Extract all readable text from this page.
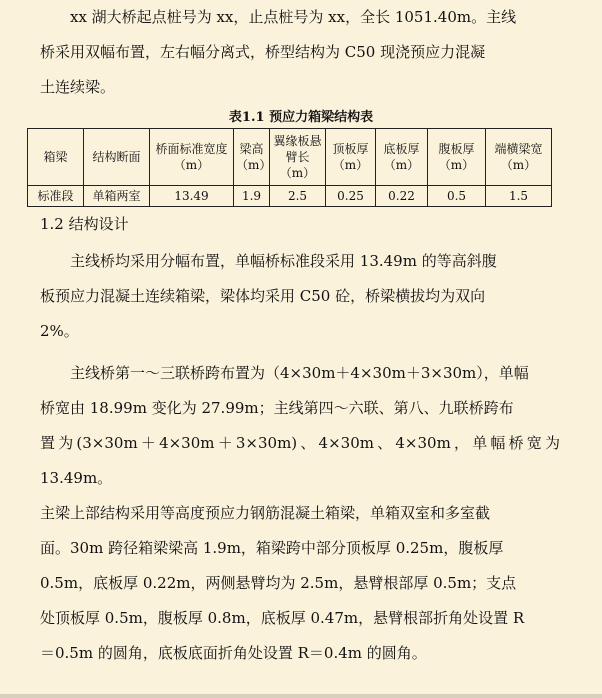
xx 湖大桥起点桩号为 xx，止点桩号为 xx，全长 1051.40m。主线
桥采用双幅布置，左右幅分离式，桥型结构为 C50 现浇预应力混凝
土连续梁。
表1.1 预应力箱梁结构表
箱梁	结构断面	桥面标准宽度（m）	梁高（m）	翼缘板悬臂长（m）	顶板厚（m）	底板厚（m）	腹板厚（m）	端横梁宽（m）
标准段	单箱两室	13.49	1.9	2.5	0.25	0.22	0.5	1.5
1.2 结构设计
主线桥均采用分幅布置，单幅桥标准段采用 13.49m 的等高斜腹
板预应力混凝土连续箱梁，梁体均采用 C50 砼，桥梁横拔均为双向
2%。
主线桥第一～三联桥跨布置为（4×30m＋4×30m＋3×30m），单幅
桥宽由 18.99m 变化为 27.99m；主线第四～六联、第八、九联桥跨布
置为(3×30m＋4×30m＋3×30m)、4×30m、4×30m，单幅桥宽为 13.49m。
主梁上部结构采用等高度预应力钢筋混凝土箱梁，单箱双室和多室截
面。30m 跨径箱梁梁高 1.9m，箱梁跨中部分顶板厚 0.25m，腹板厚
0.5m，底板厚 0.22m，两侧悬臂均为 2.5m，悬臂根部厚 0.5m；支点
处顶板厚 0.5m，腹板厚 0.8m，底板厚 0.47m，悬臂根部折角处设置 R
＝0.5m 的圆角，底板底面折角处设置 R＝0.4m 的圆角。
